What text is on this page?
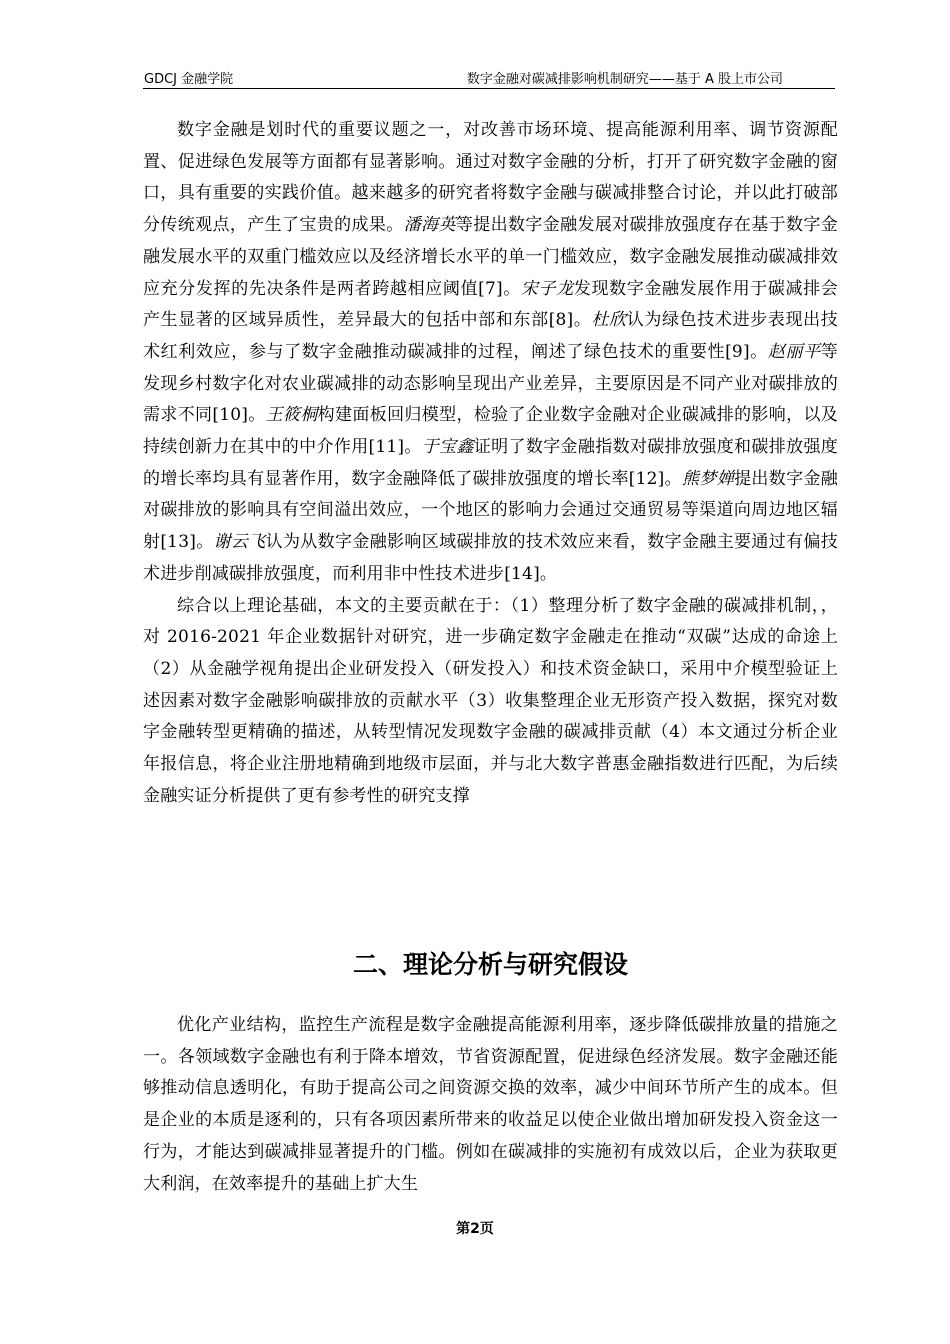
GDCJ 金融学院	数字金融对碳减排影响机制研究——基于 A 股上市公司

数字金融是划时代的重要议题之一，对改善市场环境、提高能源利用率、调节资源配置、促进绿色发展等方面都有显著影响。通过对数字金融的分析，打开了研究数字金融的窗口，具有重要的实践价值。越来越多的研究者将数字金融与碳减排整合讨论，并以此打破部分传统观点，产生了宝贵的成果。潘海英等提出数字金融发展对碳排放强度存在基于数字金融发展水平的双重门槛效应以及经济增长水平的单一门槛效应，数字金融发展推动碳减排效应充分发挥的先决条件是两者跨越相应阈值[7]。宋子龙发现数字金融发展作用于碳减排会产生显著的区域异质性，差异最大的包括中部和东部[8]。杜欣认为绿色技术进步表现出技术红利效应，参与了数字金融推动碳减排的过程，阐述了绿色技术的重要性[9]。赵丽平等发现乡村数字化对农业碳减排的动态影响呈现出产业差异，主要原因是不同产业对碳排放的需求不同[10]。王筱桐构建面板回归模型，检验了企业数字金融对企业碳减排的影响，以及持续创新力在其中的中介作用[11]。于宝鑫证明了数字金融指数对碳排放强度和碳排放强度的增长率均具有显著作用，数字金融降低了碳排放强度的增长率[12]。熊梦婵提出数字金融对碳排放的影响具有空间溢出效应，一个地区的影响力会通过交通贸易等渠道向周边地区辐射[13]。谢云飞认为从数字金融影响区域碳排放的技术效应来看，数字金融主要通过有偏技术进步削减碳排放强度，而利用非中性技术进步[14]。

综合以上理论基础，本文的主要贡献在于：（1）整理分析了数字金融的碳减排机制，，对 2016-2021 年企业数据针对研究，进一步确定数字金融走在推动“双碳”达成的命途上（2）从金融学视角提出企业研发投入（研发投入）和技术资金缺口，采用中介模型验证上述因素对数字金融影响碳排放的贡献水平（3）收集整理企业无形资产投入数据，探究对数字金融转型更精确的描述，从转型情况发现数字金融的碳减排贡献（4）本文通过分析企业年报信息，将企业注册地精确到地级市层面，并与北大数字普惠金融指数进行匹配，为后续金融实证分析提供了更有参考性的研究支撑

二、理论分析与研究假设

优化产业结构，监控生产流程是数字金融提高能源利用率，逐步降低碳排放量的措施之一。各领域数字金融也有利于降本增效，节省资源配置，促进绿色经济发展。数字金融还能够推动信息透明化，有助于提高公司之间资源交换的效率，减少中间环节所产生的成本。但是企业的本质是逐利的，只有各项因素所带来的收益足以使企业做出增加研发投入资金这一行为，才能达到碳减排显著提升的门槛。例如在碳减排的实施初有成效以后，企业为获取更大利润，在效率提升的基础上扩大生

第2页
